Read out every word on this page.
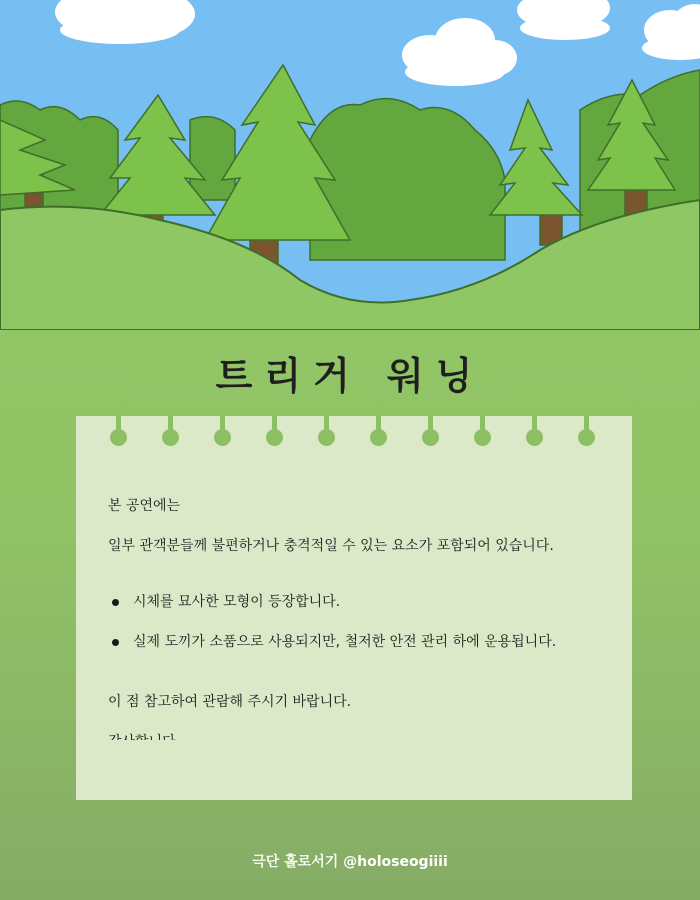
트리거 워닝

본 공연에는

일부 관객분들께 불편하거나 충격적일 수 있는 요소가 포함되어 있습니다.

시체를 묘사한 모형이 등장합니다.
실제 도끼가 소품으로 사용되지만, 철저한 안전 관리 하에 운용됩니다.

이 점 참고하여 관람해 주시기 바랍니다.

극단 홀로서기 @holoseogiiii
